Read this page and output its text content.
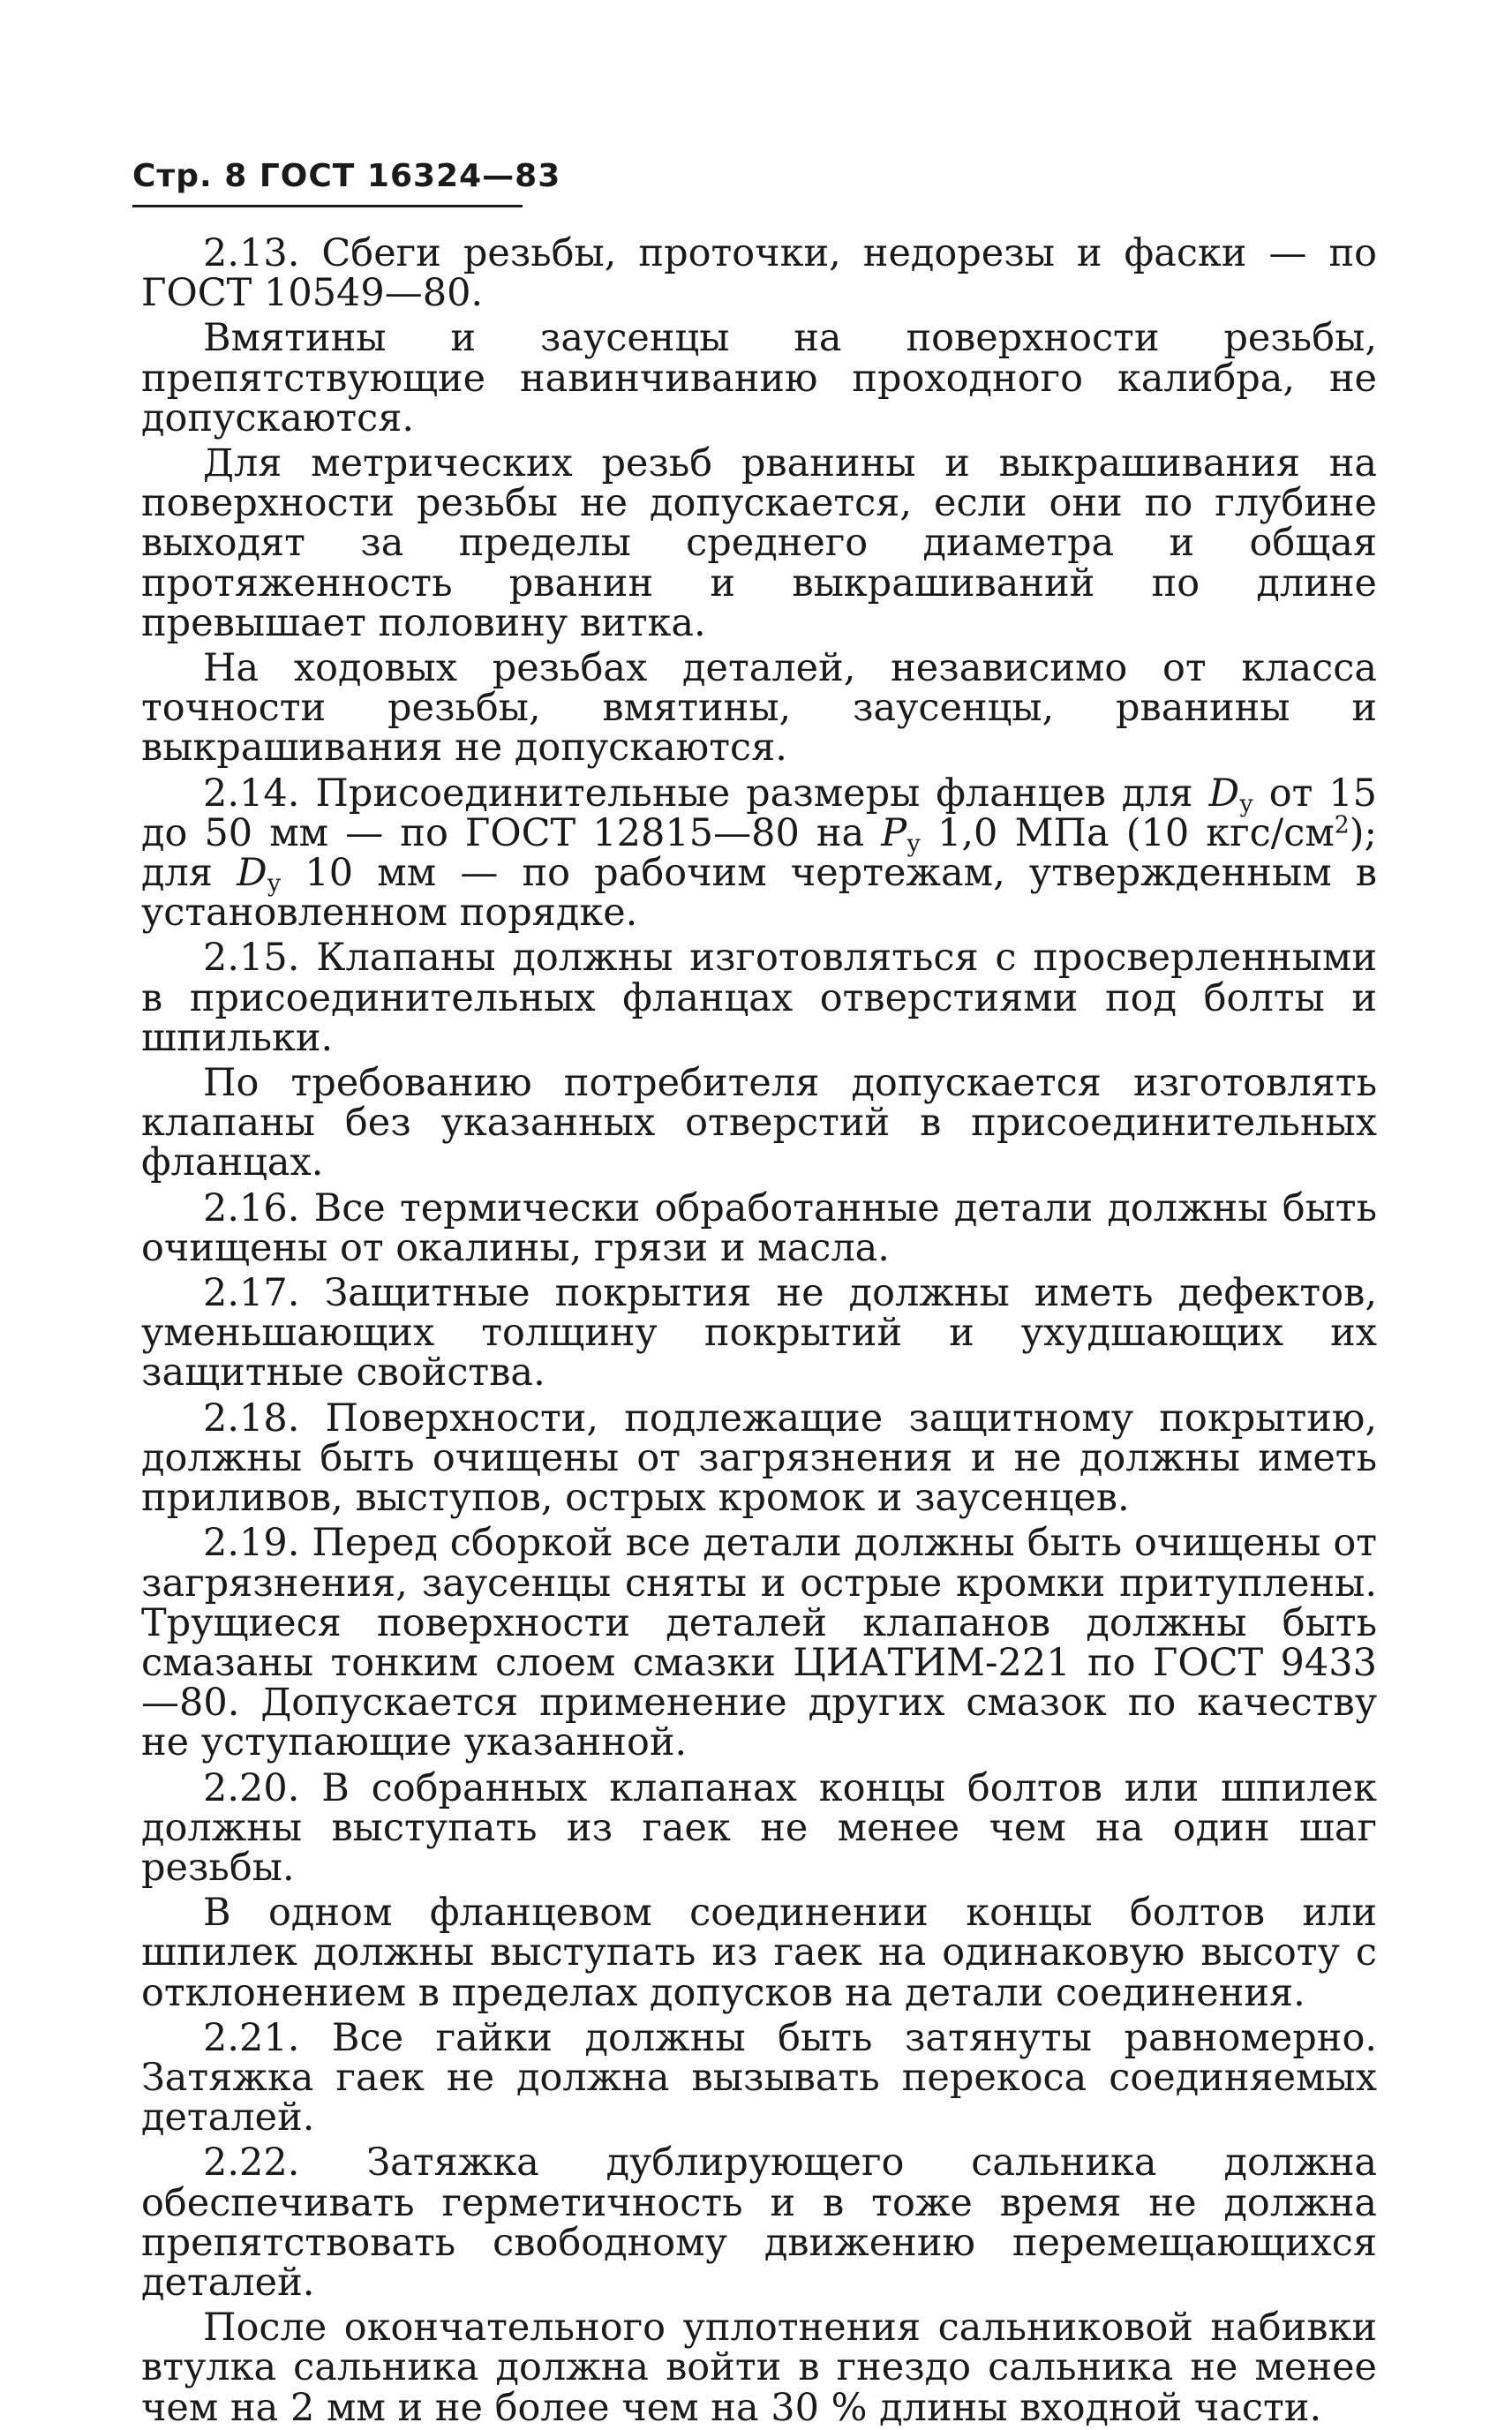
Стр. 8 ГОСТ 16324—83

2.13. Сбеги резьбы, проточки, недорезы и фаски — по ГОСТ 10549—80.

Вмятины и заусенцы на поверхности резьбы, препятствующие навинчиванию проходного калибра, не допускаются.

Для метрических резьб рванины и выкрашивания на поверхности резьбы не допускается, если они по глубине выходят за пределы среднего диаметра и общая протяженность рванин и выкрашиваний по длине превышает половину витка.

На ходовых резьбах деталей, независимо от класса точности резьбы, вмятины, заусенцы, рванины и выкрашивания не допускаются.

2.14. Присоединительные размеры фланцев для $D_у$ от 15 до 50 мм — по ГОСТ 12815—80 на $P_у$ 1,0 МПа (10 кгс/$см^2$); для $D_у$ 10 мм — по рабочим чертежам, утвержденным в установленном порядке.

2.15. Клапаны должны изготовляться с просверленными в присоединительных фланцах отверстиями под болты и шпильки.

По требованию потребителя допускается изготовлять клапаны без указанных отверстий в присоединительных фланцах.

2.16. Все термически обработанные детали должны быть очищены от окалины, грязи и масла.

2.17. Защитные покрытия не должны иметь дефектов, уменьшающих толщину покрытий и ухудшающих их защитные свойства.

2.18. Поверхности, подлежащие защитному покрытию, должны быть очищены от загрязнения и не должны иметь приливов, выступов, острых кромок и заусенцев.

2.19. Перед сборкой все детали должны быть очищены от загрязнения, заусенцы сняты и острые кромки притуплены. Трущиеся поверхности деталей клапанов должны быть смазаны тонким слоем смазки ЦИАТИМ-221 по ГОСТ 9433—80. Допускается применение других смазок по качеству не уступающие указанной.

2.20. В собранных клапанах концы болтов или шпилек должны выступать из гаек не менее чем на один шаг резьбы.

В одном фланцевом соединении концы болтов или шпилек должны выступать из гаек на одинаковую высоту с отклонением в пределах допусков на детали соединения.

2.21. Все гайки должны быть затянуты равномерно. Затяжка гаек не должна вызывать перекоса соединяемых деталей.

2.22. Затяжка дублирующего сальника должна обеспечивать герметичность и в тоже время не должна препятствовать свободному движению перемещающихся деталей.

После окончательного уплотнения сальниковой набивки втулка сальника должна войти в гнездо сальника не менее чем на 2 мм и не более чем на 30 % длины входной части.
